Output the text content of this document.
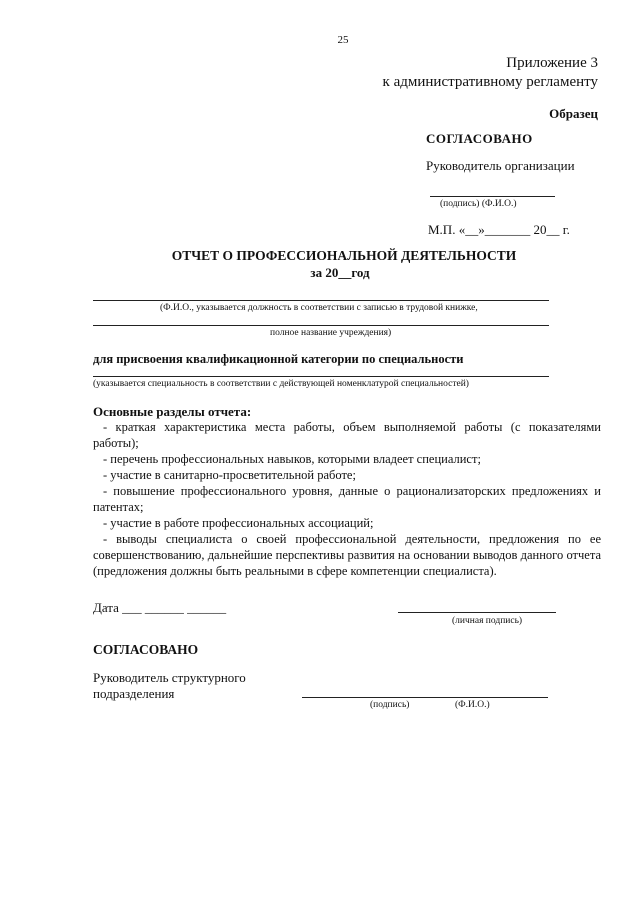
25
Приложение 3
к административному регламенту
Образец
СОГЛАСОВАНО
Руководитель организации
(подпись) (Ф.И.О.)
М.П. «__»_______ 20__ г.
ОТЧЕТ О ПРОФЕССИОНАЛЬНОЙ ДЕЯТЕЛЬНОСТИ
за 20__год
(Ф.И.О., указывается должность в соответствии с записью в трудовой книжке,
полное название учреждения)
для присвоения квалификационной категории по специальности
(указывается специальность в соответствии с действующей номенклатурой специальностей)
Основные разделы отчета:
- краткая характеристика места работы, объем выполняемой работы (с показателями работы);
- перечень профессиональных навыков, которыми владеет специалист;
- участие в санитарно-просветительной работе;
- повышение профессионального уровня, данные о рационализаторских предложениях и патентах;
- участие в работе профессиональных ассоциаций;
- выводы специалиста о своей профессиональной деятельности, предложения по ее совершенствованию, дальнейшие перспективы развития на основании выводов данного отчета (предложения должны быть реальными в сфере компетенции специалиста).
Дата ___ ______ ______
(личная подпись)
СОГЛАСОВАНО
Руководитель структурного
подразделения
(подпись)	(Ф.И.О.)
